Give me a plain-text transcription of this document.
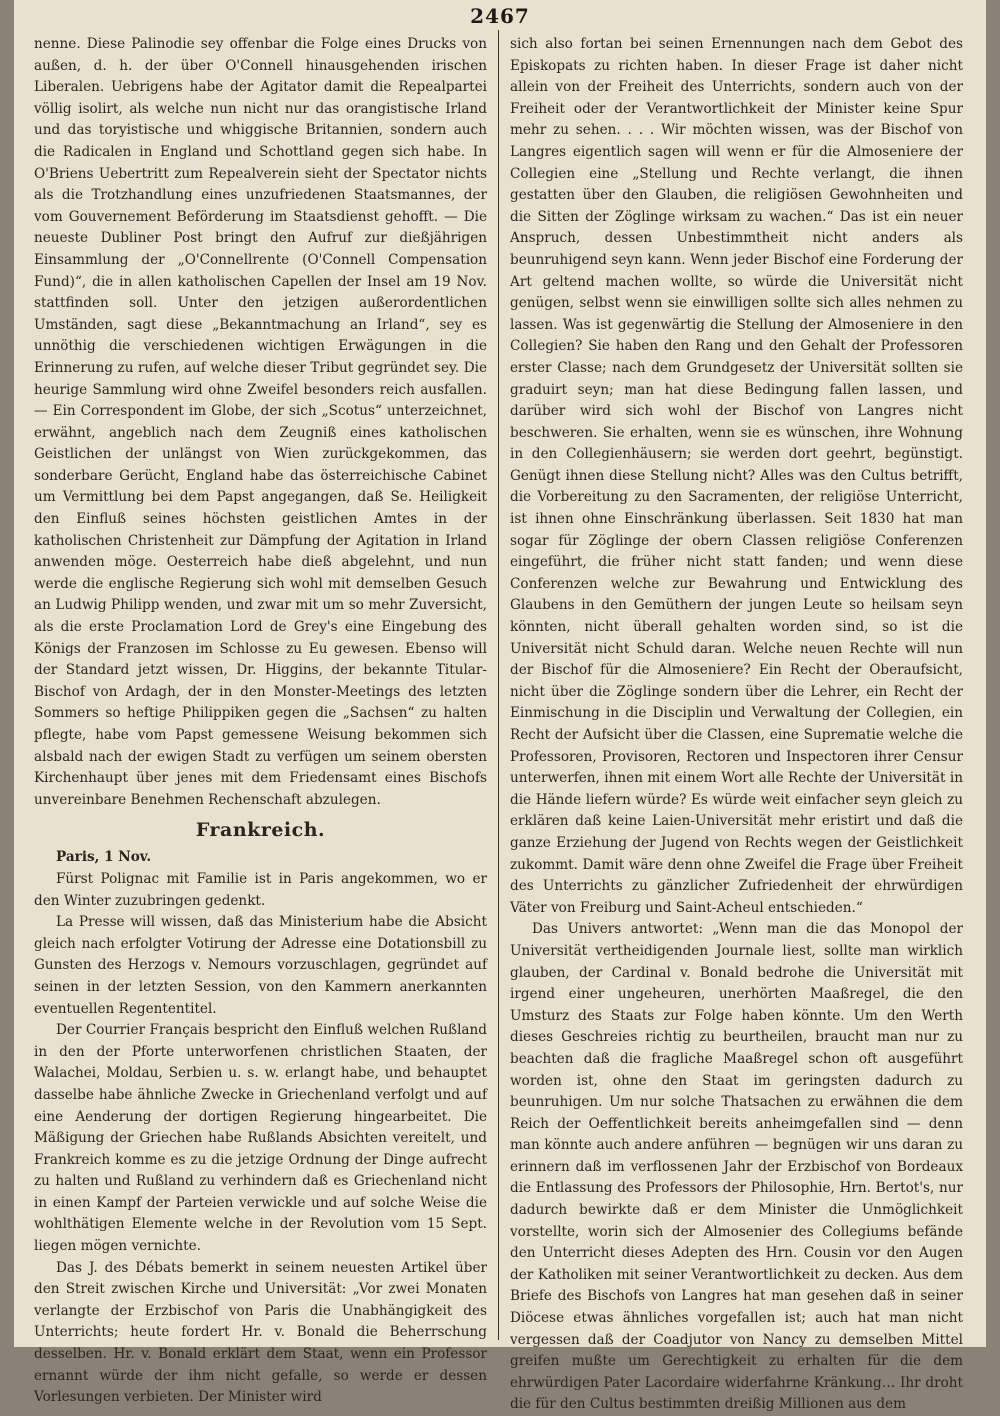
2467

nenne. Diese Palinodie sey offenbar die Folge eines Drucks von außen, d. h. der über O'Connell hinausgehenden irischen Liberalen. Uebrigens habe der Agitator damit die Repealpartei völlig isolirt, als welche nun nicht nur das orangistische Irland und das toryistische und whiggische Britannien, sondern auch die Radicalen in England und Schottland gegen sich habe. In O'Briens Uebertritt zum Repealverein sieht der Spectator nichts als die Trotzhandlung eines unzufriedenen Staatsmannes, der vom Gouvernement Beförderung im Staatsdienst gehofft. — Die neueste Dubliner Post bringt den Aufruf zur dießjährigen Einsammlung der „O'Connellrente (O'Connell Compensation Fund)“, die in allen katholischen Capellen der Insel am 19 Nov. stattfinden soll. Unter den jetzigen außerordentlichen Umständen, sagt diese „Bekanntmachung an Irland“, sey es unnöthig die verschiedenen wichtigen Erwägungen in die Erinnerung zu rufen, auf welche dieser Tribut gegründet sey. Die heurige Sammlung wird ohne Zweifel besonders reich ausfallen. — Ein Correspondent im Globe, der sich „Scotus“ unterzeichnet, erwähnt, angeblich nach dem Zeugniß eines katholischen Geistlichen der unlängst von Wien zurückgekommen, das sonderbare Gerücht, England habe das österreichische Cabinet um Vermittlung bei dem Papst angegangen, daß Se. Heiligkeit den Einfluß seines höchsten geistlichen Amtes in der katholischen Christenheit zur Dämpfung der Agitation in Irland anwenden möge. Oesterreich habe dieß abgelehnt, und nun werde die englische Regierung sich wohl mit demselben Gesuch an Ludwig Philipp wenden, und zwar mit um so mehr Zuversicht, als die erste Proclamation Lord de Grey's eine Eingebung des Königs der Franzosen im Schlosse zu Eu gewesen. Ebenso will der Standard jetzt wissen, Dr. Higgins, der bekannte Titular-Bischof von Ardagh, der in den Monster-Meetings des letzten Sommers so heftige Philippiken gegen die „Sachsen“ zu halten pflegte, habe vom Papst gemessene Weisung bekommen sich alsbald nach der ewigen Stadt zu verfügen um seinem obersten Kirchenhaupt über jenes mit dem Friedensamt eines Bischofs unvereinbare Benehmen Rechenschaft abzulegen.

Frankreich.
Paris, 1 Nov.

Fürst Polignac mit Familie ist in Paris angekommen, wo er den Winter zuzubringen gedenkt.

La Presse will wissen, daß das Ministerium habe die Absicht gleich nach erfolgter Votirung der Adresse eine Dotationsbill zu Gunsten des Herzogs v. Nemours vorzuschlagen, gegründet auf seinen in der letzten Session, von den Kammern anerkannten eventuellen Regententitel.

Der Courrier Français bespricht den Einfluß welchen Rußland in den der Pforte unterworfenen christlichen Staaten, der Walachei, Moldau, Serbien u. s. w. erlangt habe, und behauptet dasselbe habe ähnliche Zwecke in Griechenland verfolgt und auf eine Aenderung der dortigen Regierung hingearbeitet. Die Mäßigung der Griechen habe Rußlands Absichten vereitelt, und Frankreich komme es zu die jetzige Ordnung der Dinge aufrecht zu halten und Rußland zu verhindern daß es Griechenland nicht in einen Kampf der Parteien verwickle und auf solche Weise die wohlthätigen Elemente welche in der Revolution vom 15 Sept. liegen mögen vernichte.

Das J. des Débats bemerkt in seinem neuesten Artikel über den Streit zwischen Kirche und Universität: „Vor zwei Monaten verlangte der Erzbischof von Paris die Unabhängigkeit des Unterrichts; heute fordert Hr. v. Bonald die Beherrschung desselben. Hr. v. Bonald erklärt dem Staat, wenn ein Professor ernannt würde der ihm nicht gefalle, so werde er dessen Vorlesungen verbieten. Der Minister wird

sich also fortan bei seinen Ernennungen nach dem Gebot des Episkopats zu richten haben. In dieser Frage ist daher nicht allein von der Freiheit des Unterrichts, sondern auch von der Freiheit oder der Verantwortlichkeit der Minister keine Spur mehr zu sehen. . . . Wir möchten wissen, was der Bischof von Langres eigentlich sagen will wenn er für die Almoseniere der Collegien eine „Stellung und Rechte verlangt, die ihnen gestatten über den Glauben, die religiösen Gewohnheiten und die Sitten der Zöglinge wirksam zu wachen.“ Das ist ein neuer Anspruch, dessen Unbestimmtheit nicht anders als beunruhigend seyn kann. Wenn jeder Bischof eine Forderung der Art geltend machen wollte, so würde die Universität nicht genügen, selbst wenn sie einwilligen sollte sich alles nehmen zu lassen. Was ist gegenwärtig die Stellung der Almoseniere in den Collegien? Sie haben den Rang und den Gehalt der Professoren erster Classe; nach dem Grundgesetz der Universität sollten sie graduirt seyn; man hat diese Bedingung fallen lassen, und darüber wird sich wohl der Bischof von Langres nicht beschweren. Sie erhalten, wenn sie es wünschen, ihre Wohnung in den Collegienhäusern; sie werden dort geehrt, begünstigt. Genügt ihnen diese Stellung nicht? Alles was den Cultus betrifft, die Vorbereitung zu den Sacramenten, der religiöse Unterricht, ist ihnen ohne Einschränkung überlassen. Seit 1830 hat man sogar für Zöglinge der obern Classen religiöse Conferenzen eingeführt, die früher nicht statt fanden; und wenn diese Conferenzen welche zur Bewahrung und Entwicklung des Glaubens in den Gemüthern der jungen Leute so heilsam seyn könnten, nicht überall gehalten worden sind, so ist die Universität nicht Schuld daran. Welche neuen Rechte will nun der Bischof für die Almoseniere? Ein Recht der Oberaufsicht, nicht über die Zöglinge sondern über die Lehrer, ein Recht der Einmischung in die Disciplin und Verwaltung der Collegien, ein Recht der Aufsicht über die Classen, eine Suprematie welche die Professoren, Provisoren, Rectoren und Inspectoren ihrer Censur unterwerfen, ihnen mit einem Wort alle Rechte der Universität in die Hände liefern würde? Es würde weit einfacher seyn gleich zu erklären daß keine Laien-Universität mehr eristirt und daß die ganze Erziehung der Jugend von Rechts wegen der Geistlichkeit zukommt. Damit wäre denn ohne Zweifel die Frage über Freiheit des Unterrichts zu gänzlicher Zufriedenheit der ehrwürdigen Väter von Freiburg und Saint-Acheul entschieden.“

Das Univers antwortet: „Wenn man die das Monopol der Universität vertheidigenden Journale liest, sollte man wirklich glauben, der Cardinal v. Bonald bedrohe die Universität mit irgend einer ungeheuren, unerhörten Maaßregel, die den Umsturz des Staats zur Folge haben könnte. Um den Werth dieses Geschreies richtig zu beurtheilen, braucht man nur zu beachten daß die fragliche Maaßregel schon oft ausgeführt worden ist, ohne den Staat im geringsten dadurch zu beunruhigen. Um nur solche Thatsachen zu erwähnen die dem Reich der Oeffentlichkeit bereits anheimgefallen sind — denn man könnte auch andere anführen — begnügen wir uns daran zu erinnern daß im verflossenen Jahr der Erzbischof von Bordeaux die Entlassung des Professors der Philosophie, Hrn. Bertot's, nur dadurch bewirkte daß er dem Minister die Unmöglichkeit vorstellte, worin sich der Almosenier des Collegiums befände den Unterricht dieses Adepten des Hrn. Cousin vor den Augen der Katholiken mit seiner Verantwortlichkeit zu decken. Aus dem Briefe des Bischofs von Langres hat man gesehen daß in seiner Diöcese etwas ähnliches vorgefallen ist; auch hat man nicht vergessen daß der Coadjutor von Nancy zu demselben Mittel greifen mußte um Gerechtigkeit zu erhalten für die dem ehrwürdigen Pater Lacordaire widerfahrne Kränkung… Ihr droht die für den Cultus bestimmten dreißig Millionen aus dem
